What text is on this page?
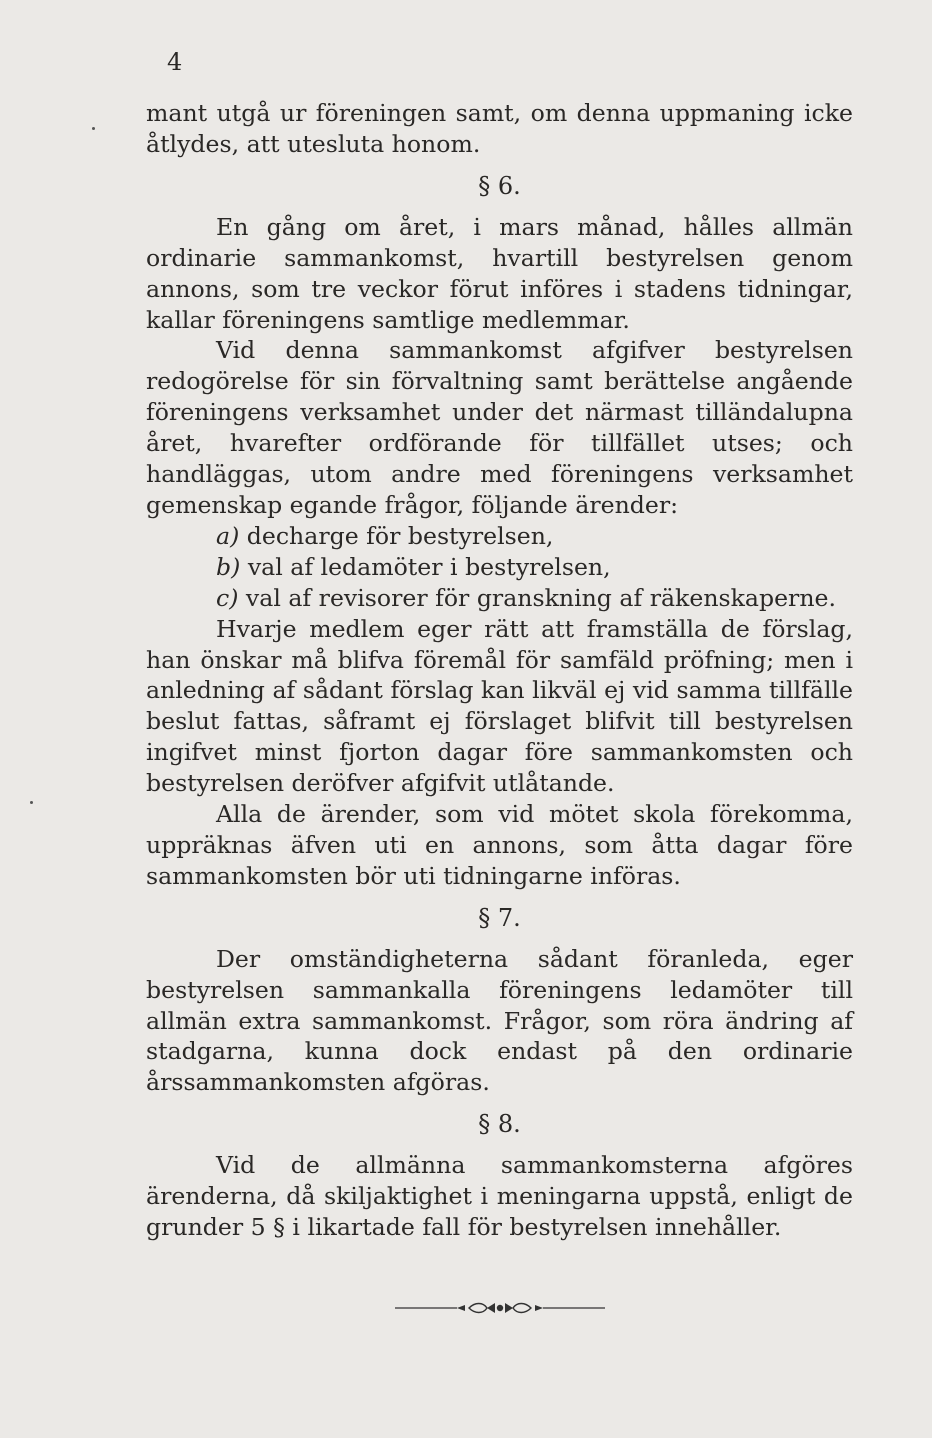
4

mant utgå ur föreningen samt, om denna uppmaning icke åtlydes, att utesluta honom.

§ 6.

En gång om året, i mars månad, hålles allmän ordinarie sammankomst, hvartill bestyrelsen genom annons, som tre veckor förut införes i stadens tidningar, kallar föreningens samtlige medlemmar.

Vid denna sammankomst afgifver bestyrelsen redogörelse för sin förvaltning samt berättelse angående föreningens verksamhet under det närmast tilländalupna året, hvarefter ordförande för tillfället utses; och handläggas, utom andre med föreningens verksamhet gemenskap egande frågor, följande ärender:

a) decharge för bestyrelsen,

b) val af ledamöter i bestyrelsen,

c) val af revisorer för granskning af räkenskaperne.

Hvarje medlem eger rätt att framställa de förslag, han önskar må blifva föremål för samfäld pröfning; men i anledning af sådant förslag kan likväl ej vid samma tillfälle beslut fattas, såframt ej förslaget blifvit till bestyrelsen ingifvet minst fjorton dagar före sammankomsten och bestyrelsen deröfver afgifvit utlåtande.

Alla de ärender, som vid mötet skola förekomma, uppräknas äfven uti en annons, som åtta dagar före sammankomsten bör uti tidningarne införas.

§ 7.

Der omständigheterna sådant föranleda, eger bestyrelsen sammankalla föreningens ledamöter till allmän extra sammankomst. Frågor, som röra ändring af stadgarna, kunna dock endast på den ordinarie årssammankomsten afgöras.

§ 8.

Vid de allmänna sammankomsterna afgöres ärenderna, då skiljaktighet i meningarna uppstå, enligt de grunder 5 § i likartade fall för bestyrelsen innehåller.
